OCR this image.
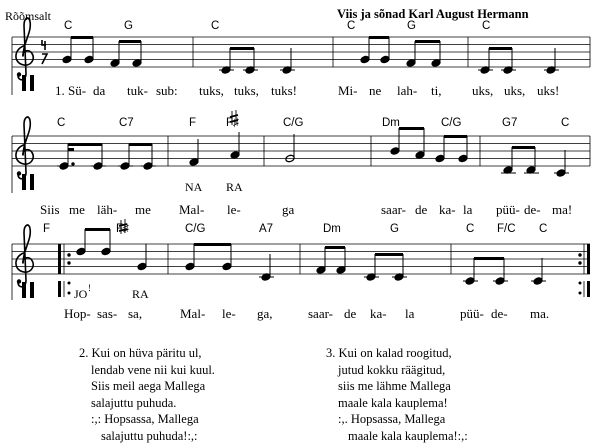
Rõõmsalt	Viis ja sõnad Karl August Hermann
C	G	C	C	G	C
C	C7	F	F♯	C/G	Dm	C/G	G7	C
F	F♯	C/G	A7	Dm	G	C F/C C
1. Sü- da tuk- sub: tuks, tuks, tuks!	Mi- ne lah- ti, uks, uks, uks!
Siis me läh- me Mal- le-	ga	saar- de ka- la püü- de- ma!
Hop- sas- sa,	Mal- le- ga,	saar- de ka- la	püü- de- ma.
NA RA
JO !	RA
2. Kui on hüva päritu ul,
lendab vene nii kui kuul.
Siis meil aega Mallega
salajuttu puhuda.
:,: Hopsassa, Mallega
salajuttu puhuda!:,:
3. Kui on kalad roogitud,
jutud kokku räägitud,
siis me lähme Mallega
maale kala kauplema!
:,. Hopsassa, Mallega
maale kala kauplema!:,:
